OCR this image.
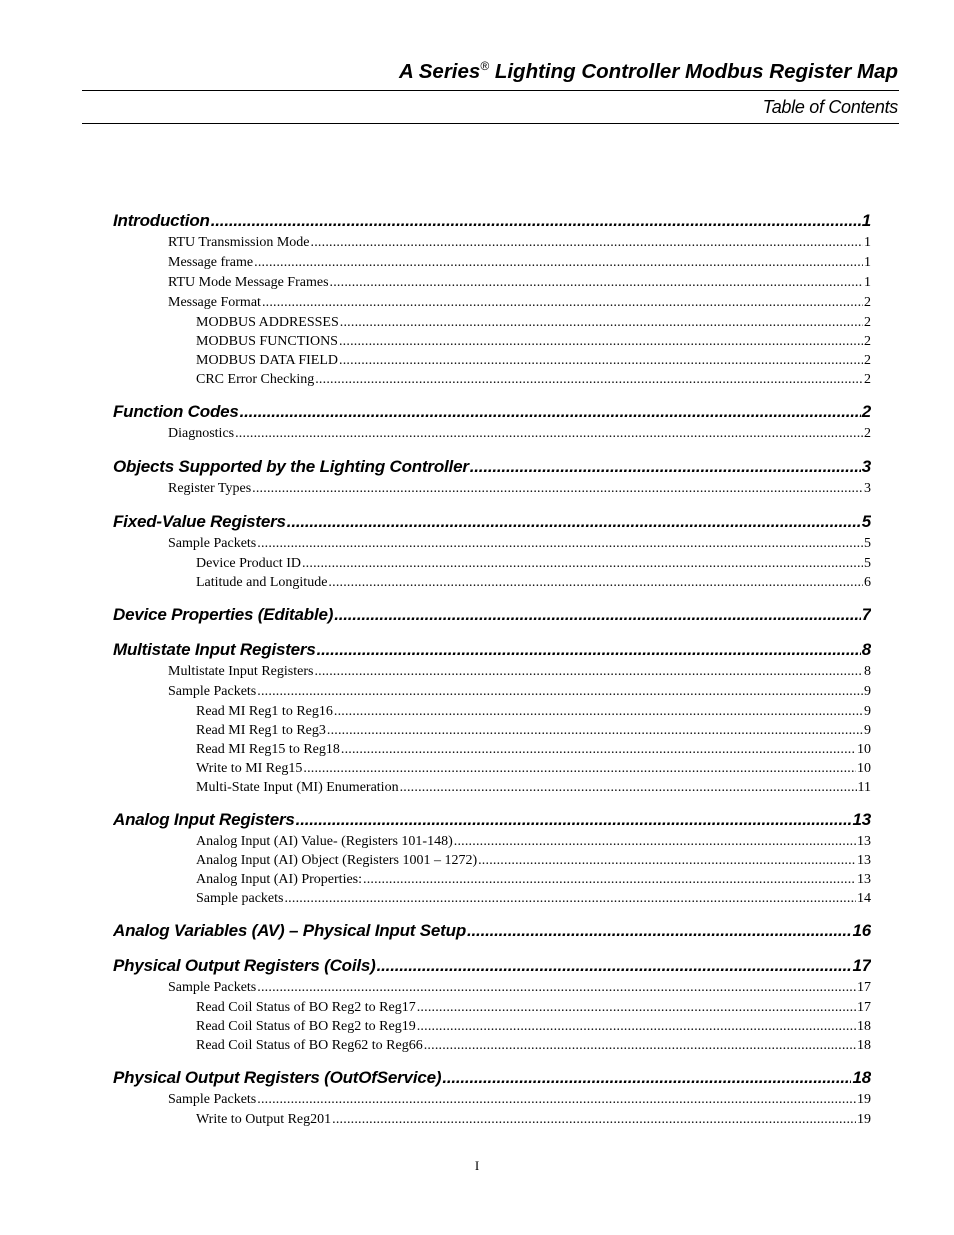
A Series® Lighting Controller Modbus Register Map
Table of Contents
Introduction .....	1
RTU Transmission Mode .....	1
Message frame .....	1
RTU Mode Message Frames .....	1
Message Format .....	2
MODBUS ADDRESSES .....	2
MODBUS FUNCTIONS .....	2
MODBUS DATA FIELD .....	2
CRC Error Checking .....	2
Function Codes .....	2
Diagnostics .....	2
Objects Supported by the Lighting Controller .....	3
Register Types .....	3
Fixed-Value Registers .....	5
Sample Packets .....	5
Device Product ID .....	5
Latitude and Longitude .....	6
Device Properties (Editable) .....	7
Multistate Input Registers .....	8
Multistate Input Registers .....	8
Sample Packets .....	9
Read MI Reg1 to Reg16 .....	9
Read MI Reg1 to Reg3 .....	9
Read MI Reg15 to Reg18 .....	10
Write to MI Reg15 .....	10
Multi-State Input (MI) Enumeration .....	11
Analog Input Registers .....	13
Analog Input (AI) Value- (Registers 101-148) .....	13
Analog Input (AI) Object (Registers 1001 – 1272) .....	13
Analog Input (AI) Properties: .....	13
Sample packets .....	14
Analog Variables (AV) – Physical Input Setup .....	16
Physical Output Registers (Coils) .....	17
Sample Packets .....	17
Read Coil Status of BO Reg2 to Reg17 .....	17
Read Coil Status of BO Reg2 to Reg19 .....	18
Read Coil Status of BO Reg62 to Reg66 .....	18
Physical Output Registers (OutOfService) .....	18
Sample Packets .....	19
Write to Output Reg201 .....	19
I
